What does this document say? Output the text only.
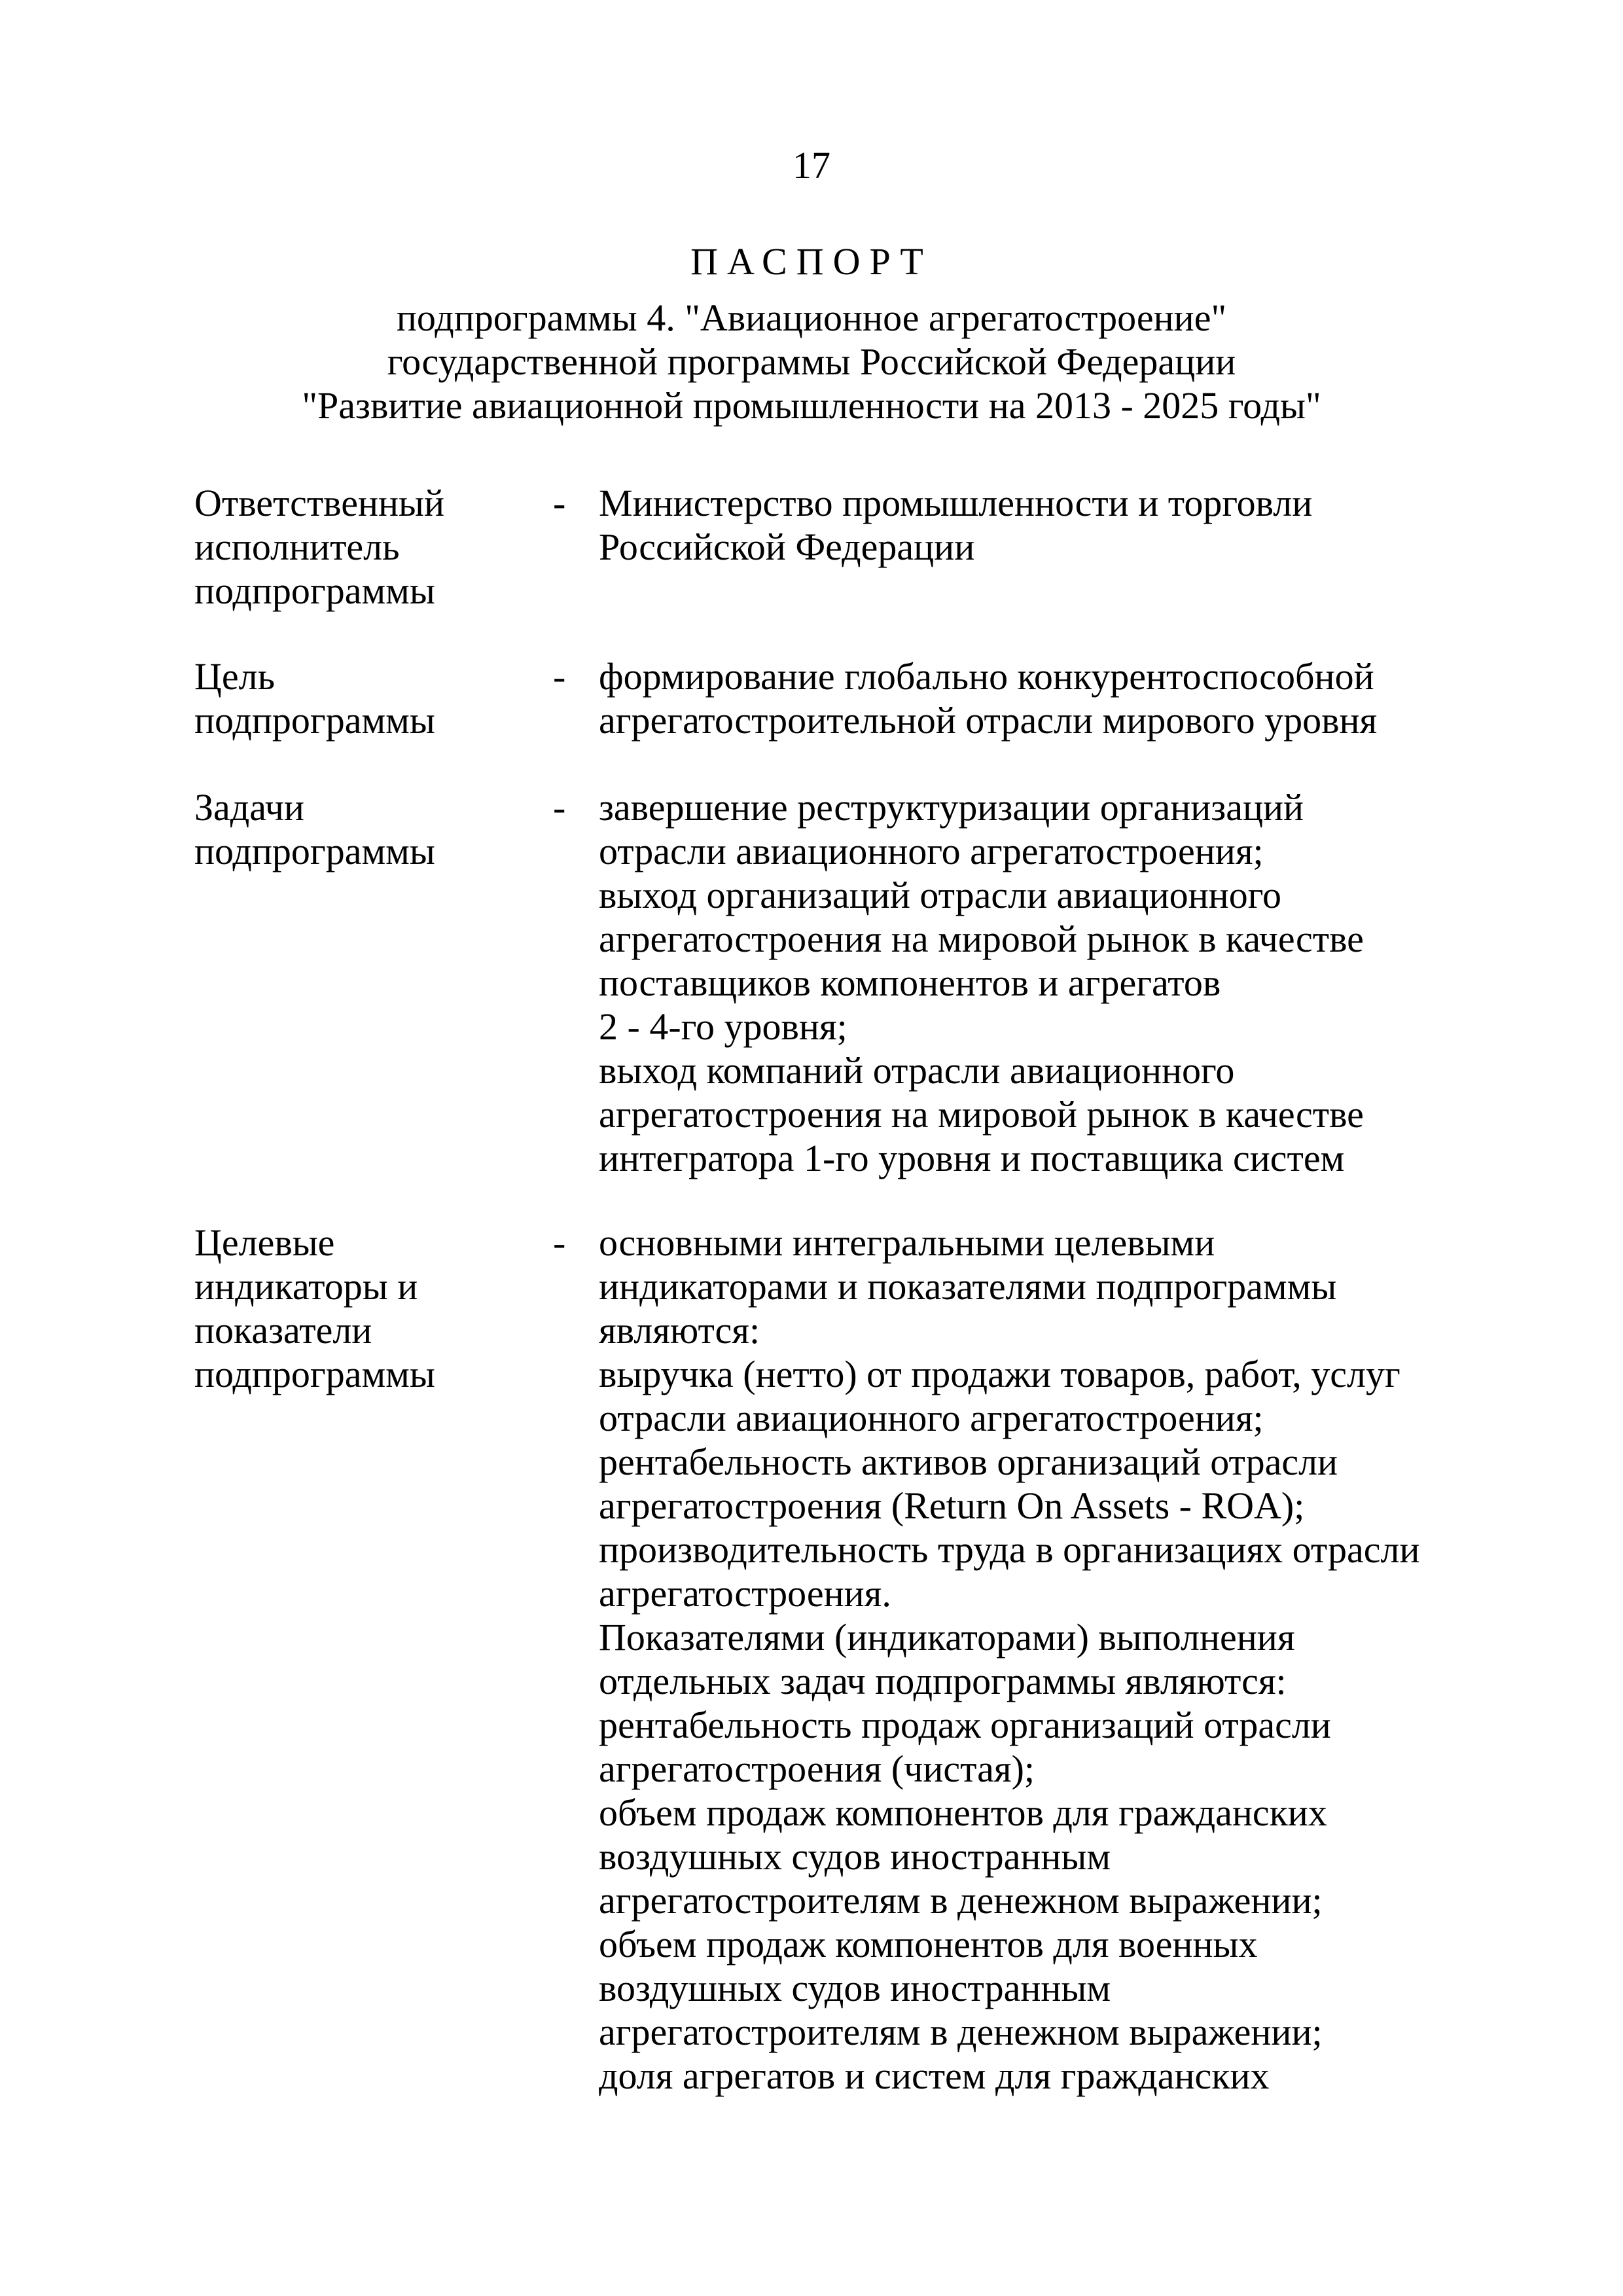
17
ПАСПОРТ
подпрограммы 4. "Авиационное агрегатостроение"
государственной программы Российской Федерации
"Развитие авиационной промышленности на 2013 - 2025 годы"
Ответственный
исполнитель
подпрограммы
- Министерство промышленности и торговли
Российской Федерации
Цель
подпрограммы
- формирование глобально конкурентоспособной
агрегатостроительной отрасли мирового уровня
Задачи
подпрограммы
- завершение реструктуризации организаций
отрасли авиационного агрегатостроения;
выход организаций отрасли авиационного
агрегатостроения на мировой рынок в качестве
поставщиков компонентов и агрегатов
2 - 4-го уровня;
выход компаний отрасли авиационного
агрегатостроения на мировой рынок в качестве
интегратора 1-го уровня и поставщика систем
Целевые
индикаторы и
показатели
подпрограммы
- основными интегральными целевыми
индикаторами и показателями подпрограммы
являются:
выручка (нетто) от продажи товаров, работ, услуг
отрасли авиационного агрегатостроения;
рентабельность активов организаций отрасли
агрегатостроения (Return On Assets - ROA);
производительность труда в организациях отрасли
агрегатостроения.
Показателями (индикаторами) выполнения
отдельных задач подпрограммы являются:
рентабельность продаж организаций отрасли
агрегатостроения (чистая);
объем продаж компонентов для гражданских
воздушных судов иностранным
агрегатостроителям в денежном выражении;
объем продаж компонентов для военных
воздушных судов иностранным
агрегатостроителям в денежном выражении;
доля агрегатов и систем для гражданских
